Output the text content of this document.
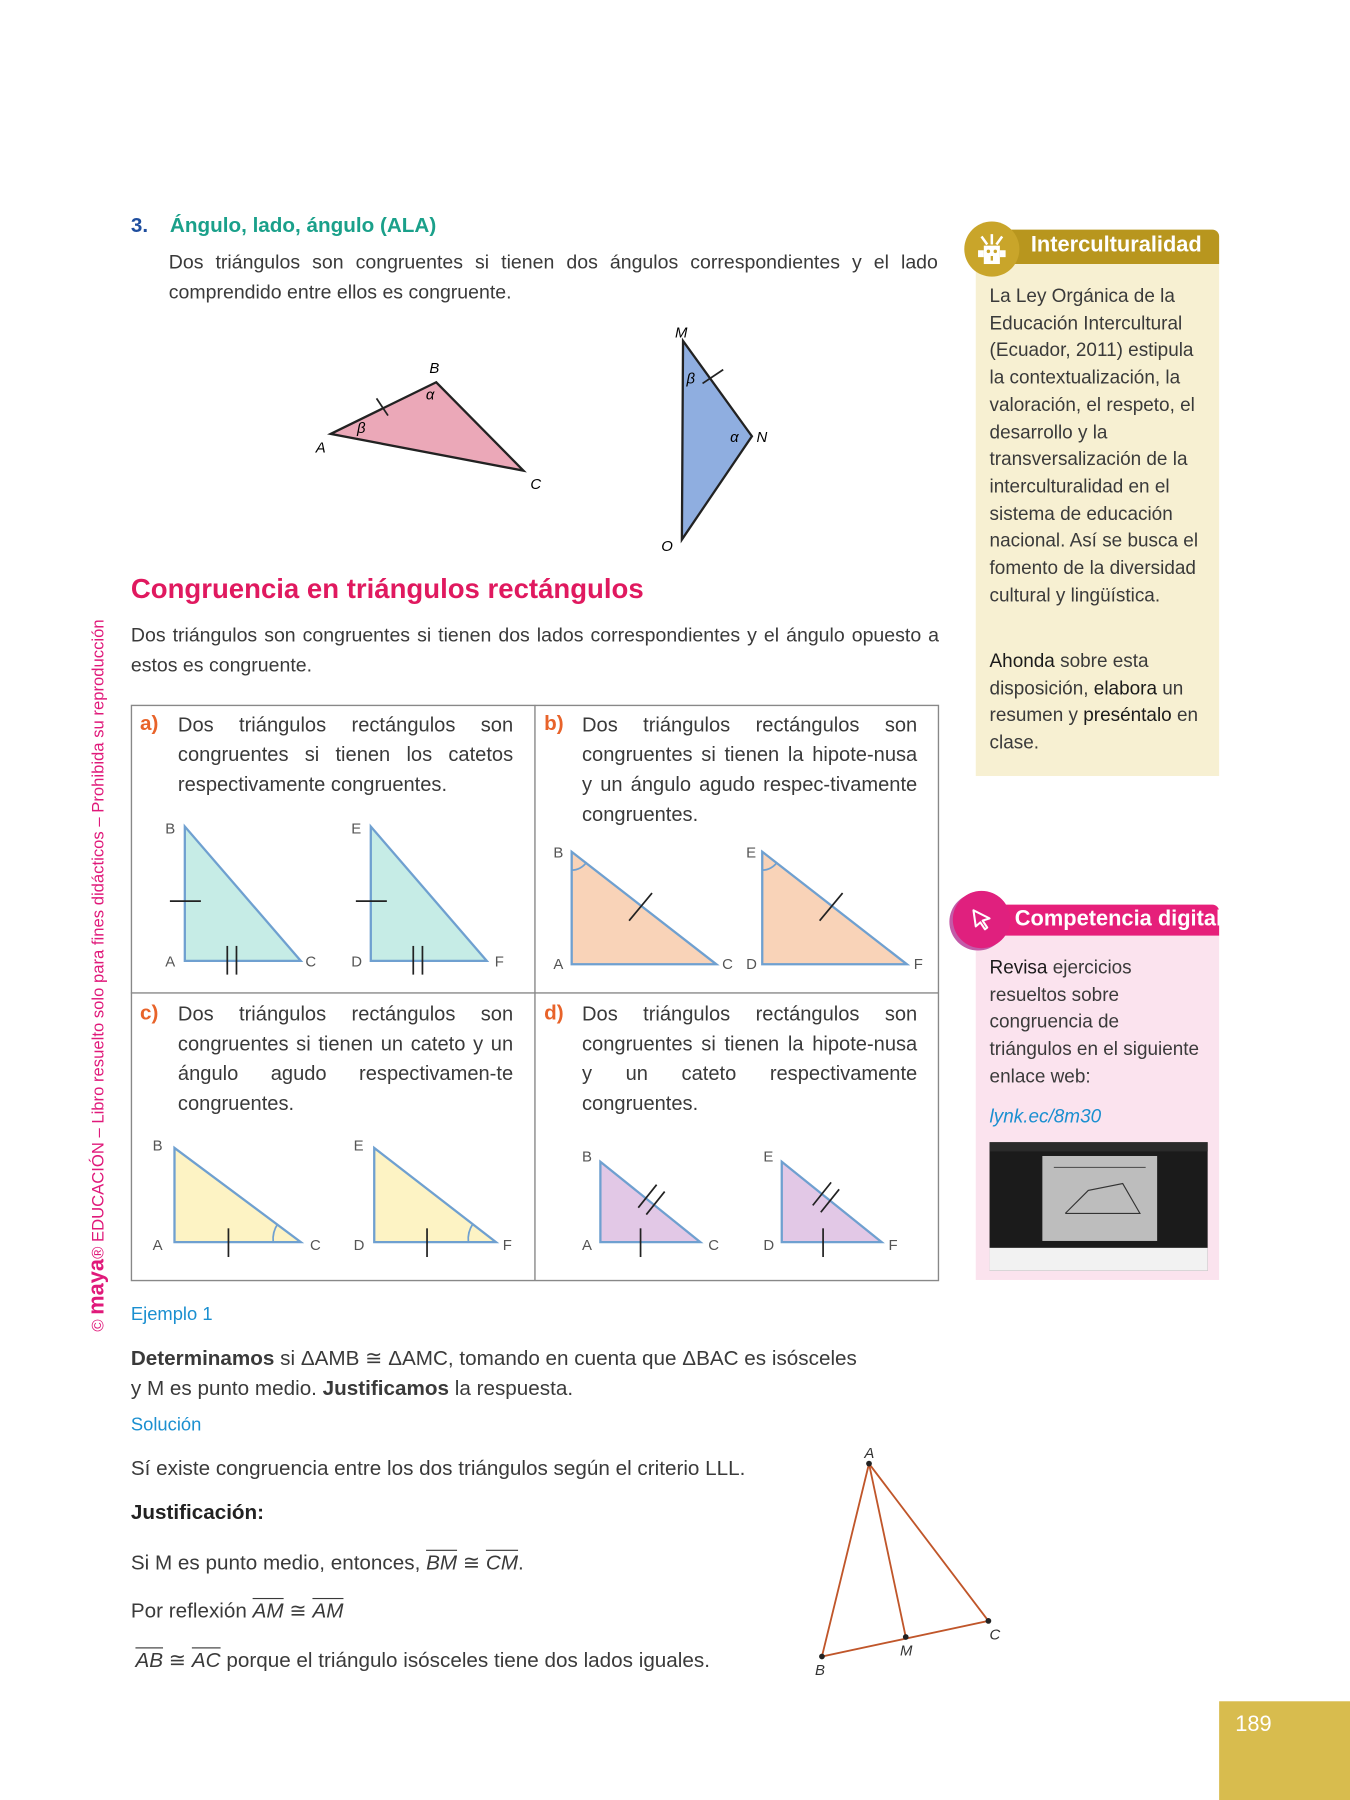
3. Ángulo, lado, ángulo (ALA)
Dos triángulos son congruentes si tienen dos ángulos correspondientes y el lado comprendido entre ellos es congruente.
A
B
C
α
β
M
N
O
α
β
B
A	C
E
D	F
B
A	C
E
D	F
B
A	C
E
D	F
B
A	C
E
D	F
A
B
C
M
Congruencia en triángulos rectángulos
Dos triángulos son congruentes si tienen dos lados correspondientes y el ángulo opuesto a estos es congruente.
a) Dos triángulos rectángulos son congruentes si tienen los catetos respectivamente congruentes.
b) Dos triángulos rectángulos son congruentes si tienen la hipote-nusa y un ángulo agudo respec-tivamente congruentes.
c) Dos triángulos rectángulos son congruentes si tienen un cateto y un ángulo agudo respectivamen-te congruentes.
d) Dos triángulos rectángulos son congruentes si tienen la hipote-nusa y un cateto respectivamente congruentes.
Ejemplo 1
Determinamos si ΔAMB ≅ ΔAMC, tomando en cuenta que ΔBAC es isósceles
y M es punto medio. Justificamos la respuesta.
Solución
Sí existe congruencia entre los dos triángulos según el criterio LLL.
Justificación:
Si M es punto medio, entonces, $\overline{BM}$ ≅ $\overline{CM}$.
Por reflexión $\overline{AM}$ ≅ $\overline{AM}$
$\overline{AB}$ ≅ $\overline{AC}$ porque el triángulo isósceles tiene dos lados iguales.
Interculturalidad
La Ley Orgánica de la Educación Intercultural (Ecuador, 2011) estipula la contextualización, la valoración, el respeto, el desarrollo y la transversalización de la interculturalidad en el sistema de educación nacional. Así se busca el fomento de la diversidad cultural y lingüística.
Ahonda sobre esta disposición, elabora un resumen y preséntalo en clase.
Competencia digital
Revisa ejercicios resueltos sobre congruencia de triángulos en el siguiente enlace web:
lynk.ec/8m30
© maya® EDUCACIÓN – Libro resuelto solo para fines didácticos – Prohibida su reproducción
189
